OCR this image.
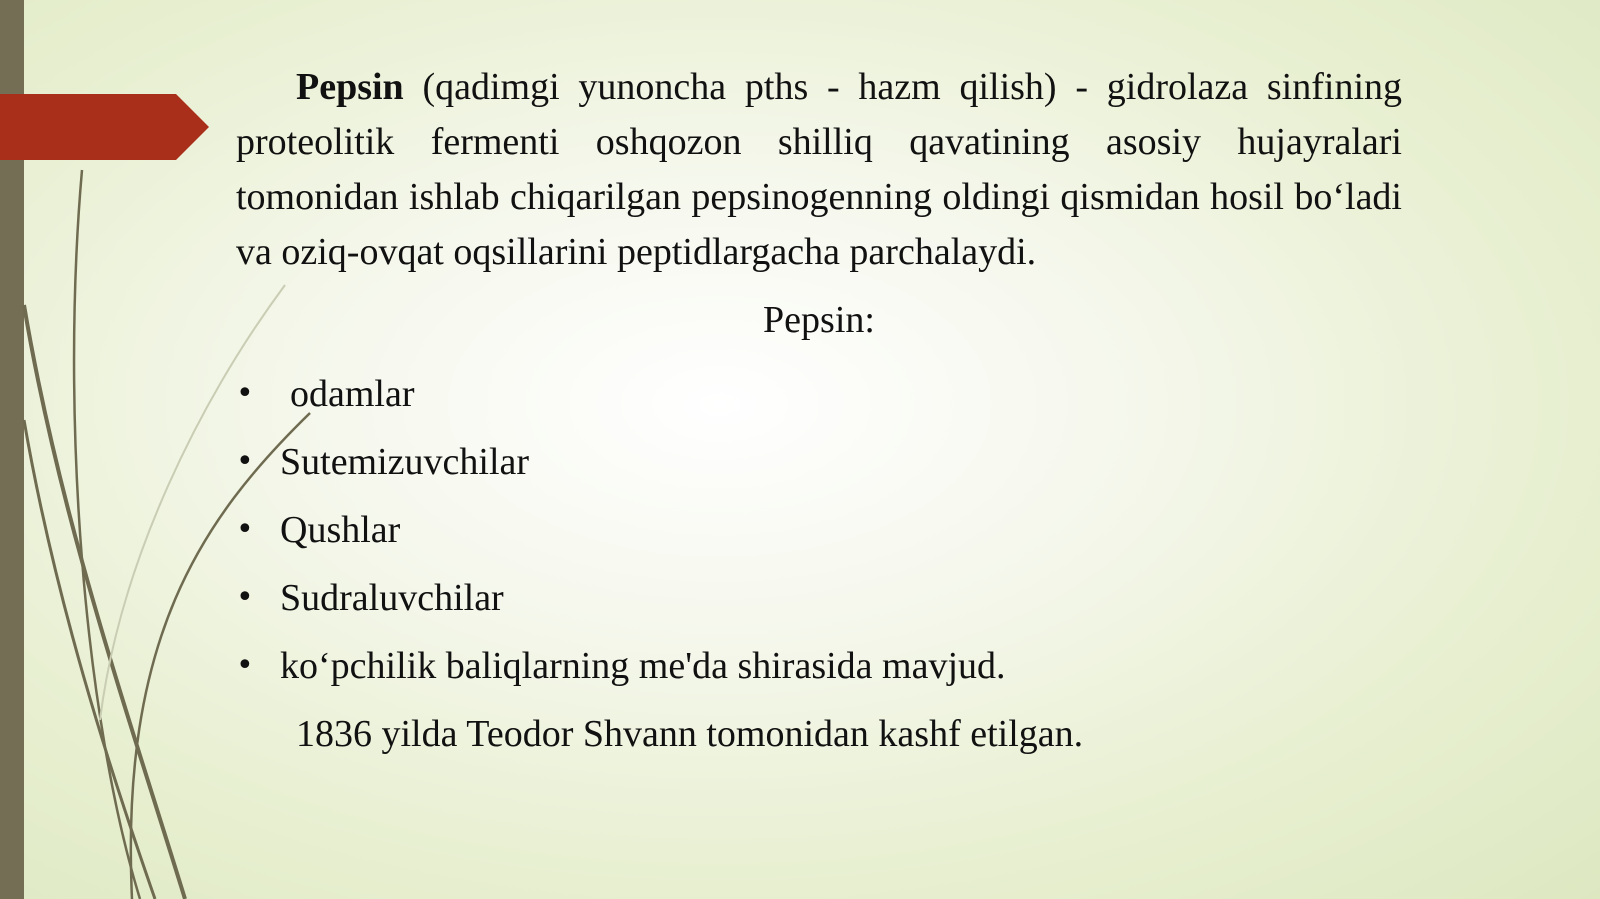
Pepsin (qadimgi yunoncha pths - hazm qilish) - gidrolaza sinfining proteolitik fermenti oshqozon shilliq qavatining asosiy hujayralari tomonidan ishlab chiqarilgan pepsinogenning oldingi qismidan hosil bo‘ladi va oziq-ovqat oqsillarini peptidlargacha parchalaydi.

Pepsin:
• odamlar
• Sutemizuvchilar
• Qushlar
• Sudraluvchilar
• ko‘pchilik baliqlarning me'da shirasida mavjud.
1836 yilda Teodor Shvann tomonidan kashf etilgan.
